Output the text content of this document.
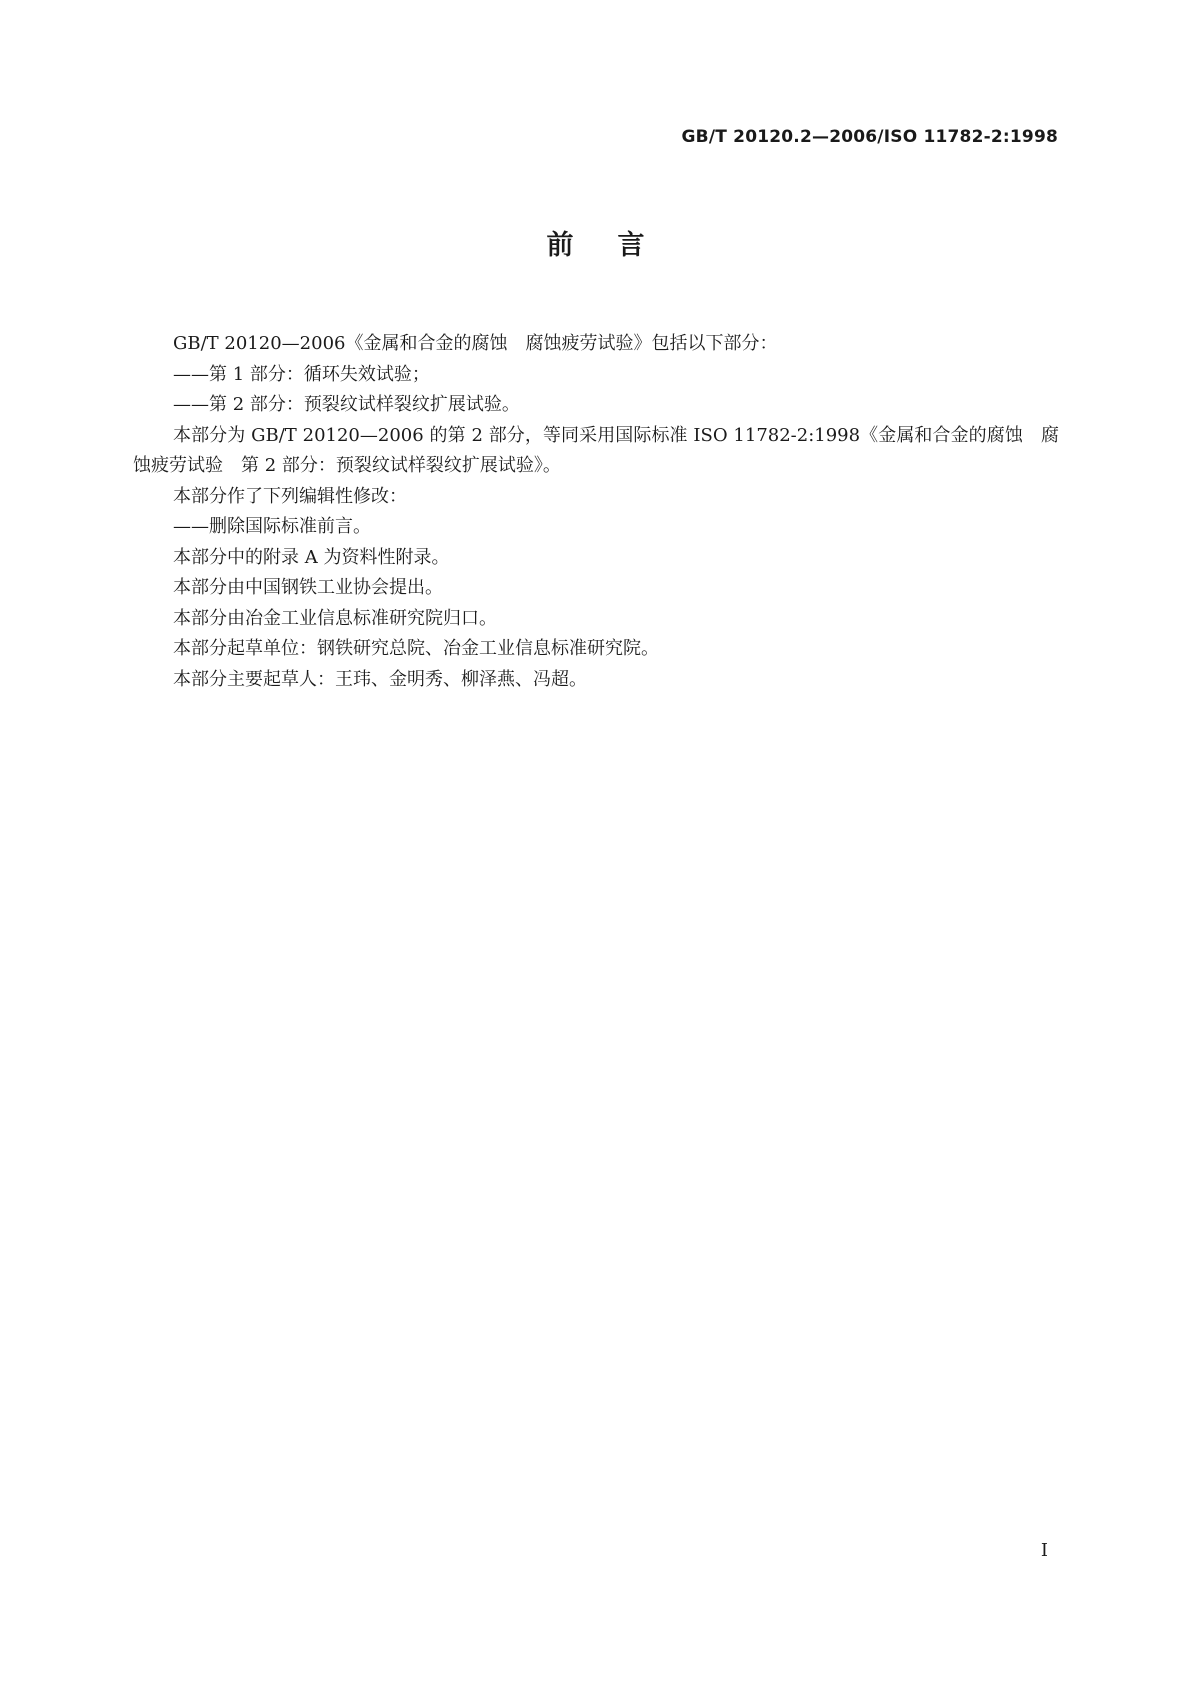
GB/T 20120.2—2006/ISO 11782-2:1998
前言

GB/T 20120—2006《金属和合金的腐蚀　腐蚀疲劳试验》包括以下部分：

——第 1 部分：循环失效试验；

——第 2 部分：预裂纹试样裂纹扩展试验。

本部分为 GB/T 20120—2006 的第 2 部分，等同采用国际标准 ISO 11782-2:1998《金属和合金的腐蚀　腐蚀疲劳试验　第 2 部分：预裂纹试样裂纹扩展试验》。

本部分作了下列编辑性修改：

——删除国际标准前言。

本部分中的附录 A 为资料性附录。

本部分由中国钢铁工业协会提出。

本部分由冶金工业信息标准研究院归口。

本部分起草单位：钢铁研究总院、冶金工业信息标准研究院。

本部分主要起草人：王玮、金明秀、柳泽燕、冯超。

I
